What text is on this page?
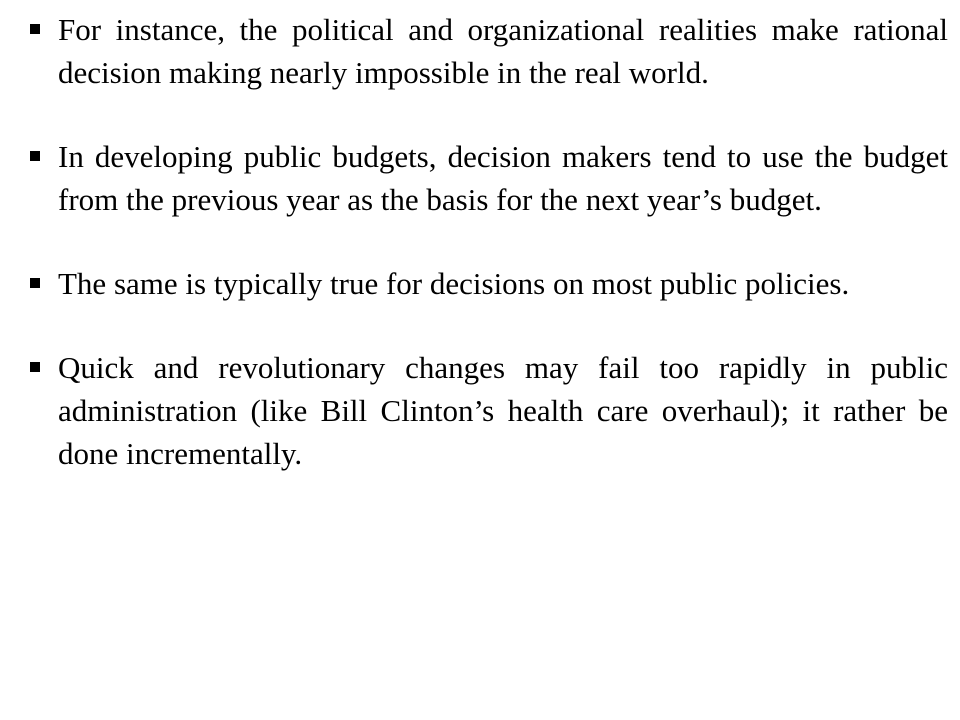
For instance, the political and organizational realities make rational decision making nearly impossible in the real world.
In developing public budgets, decision makers tend to use the budget from the previous year as the basis for the next year’s budget.
The same is typically true for decisions on most public policies.
Quick and revolutionary changes may fail too rapidly in public administration (like Bill Clinton’s health care overhaul); it rather be done incrementally.
